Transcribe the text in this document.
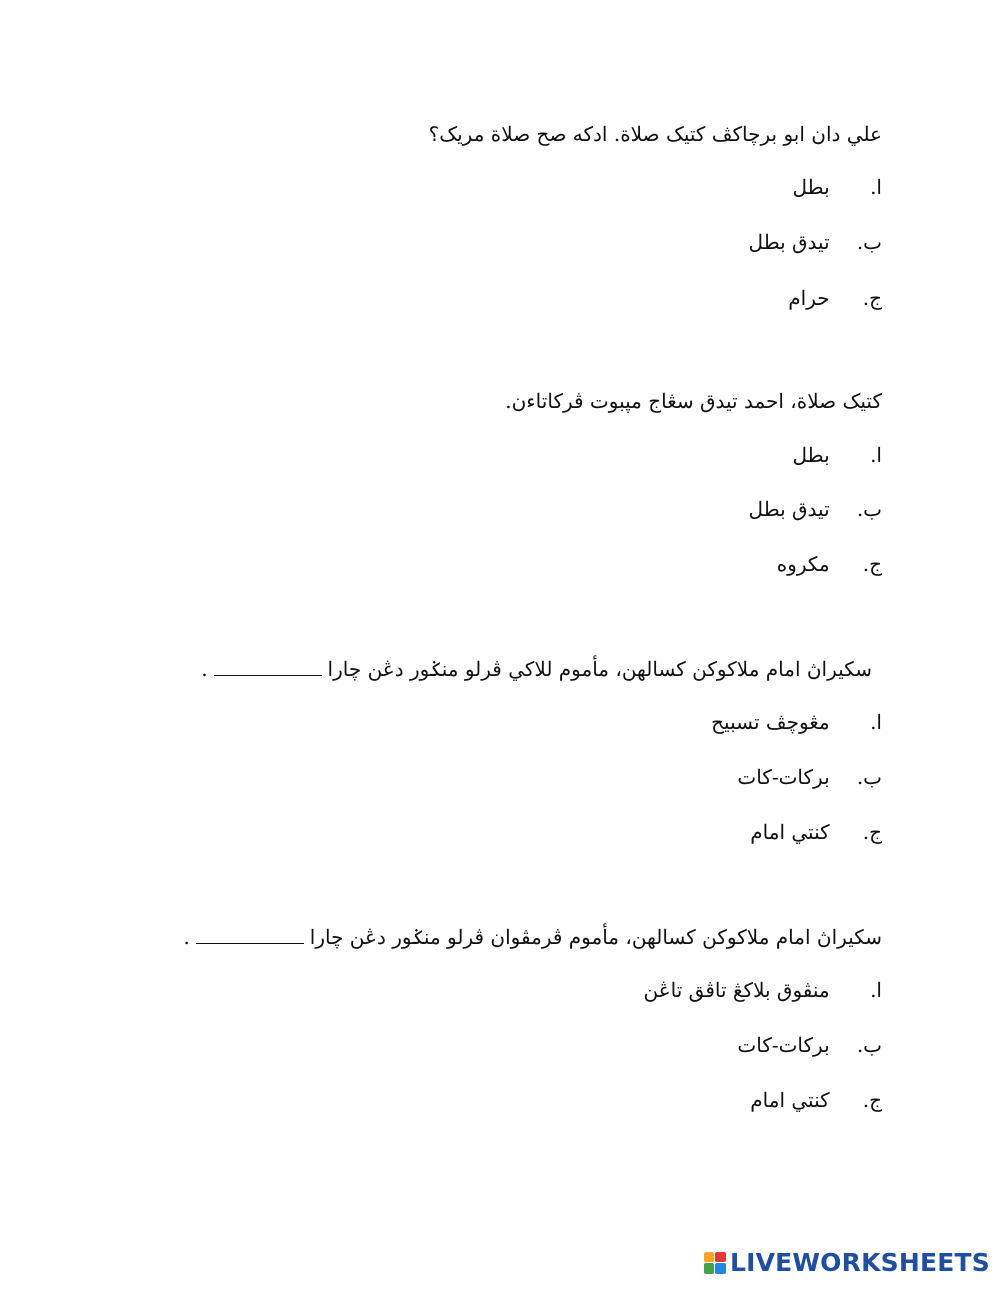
علي دان ابو برچاکڤ کتيک صلاة. ادکه صح صلاة مريک؟
ا. بطل
ب. تيدق بطل
ج. حرام
کتيک صلاة، احمد تيدق سڠاج مپبوت ڤرکاتاءن.
ا. بطل
ب. تيدق بطل
ج. مکروه
سکيراڽ امام ملاکوکن کسالهن، مأموم للاکي ڤرلو منݢور دڠن چارا.
ا. مڠوچڤ تسبيح
ب. برکات-کات
ج. کنتي امام
سکيراڽ امام ملاکوکن کسالهن، مأموم ڤرمڤوان ڤرلو منݢور دڠن چارا.
ا. منڤوق بلاکڠ تاڤق تاڠن
ب. برکات-کات
ج. کنتي امام
LIVEWORKSHEETS
